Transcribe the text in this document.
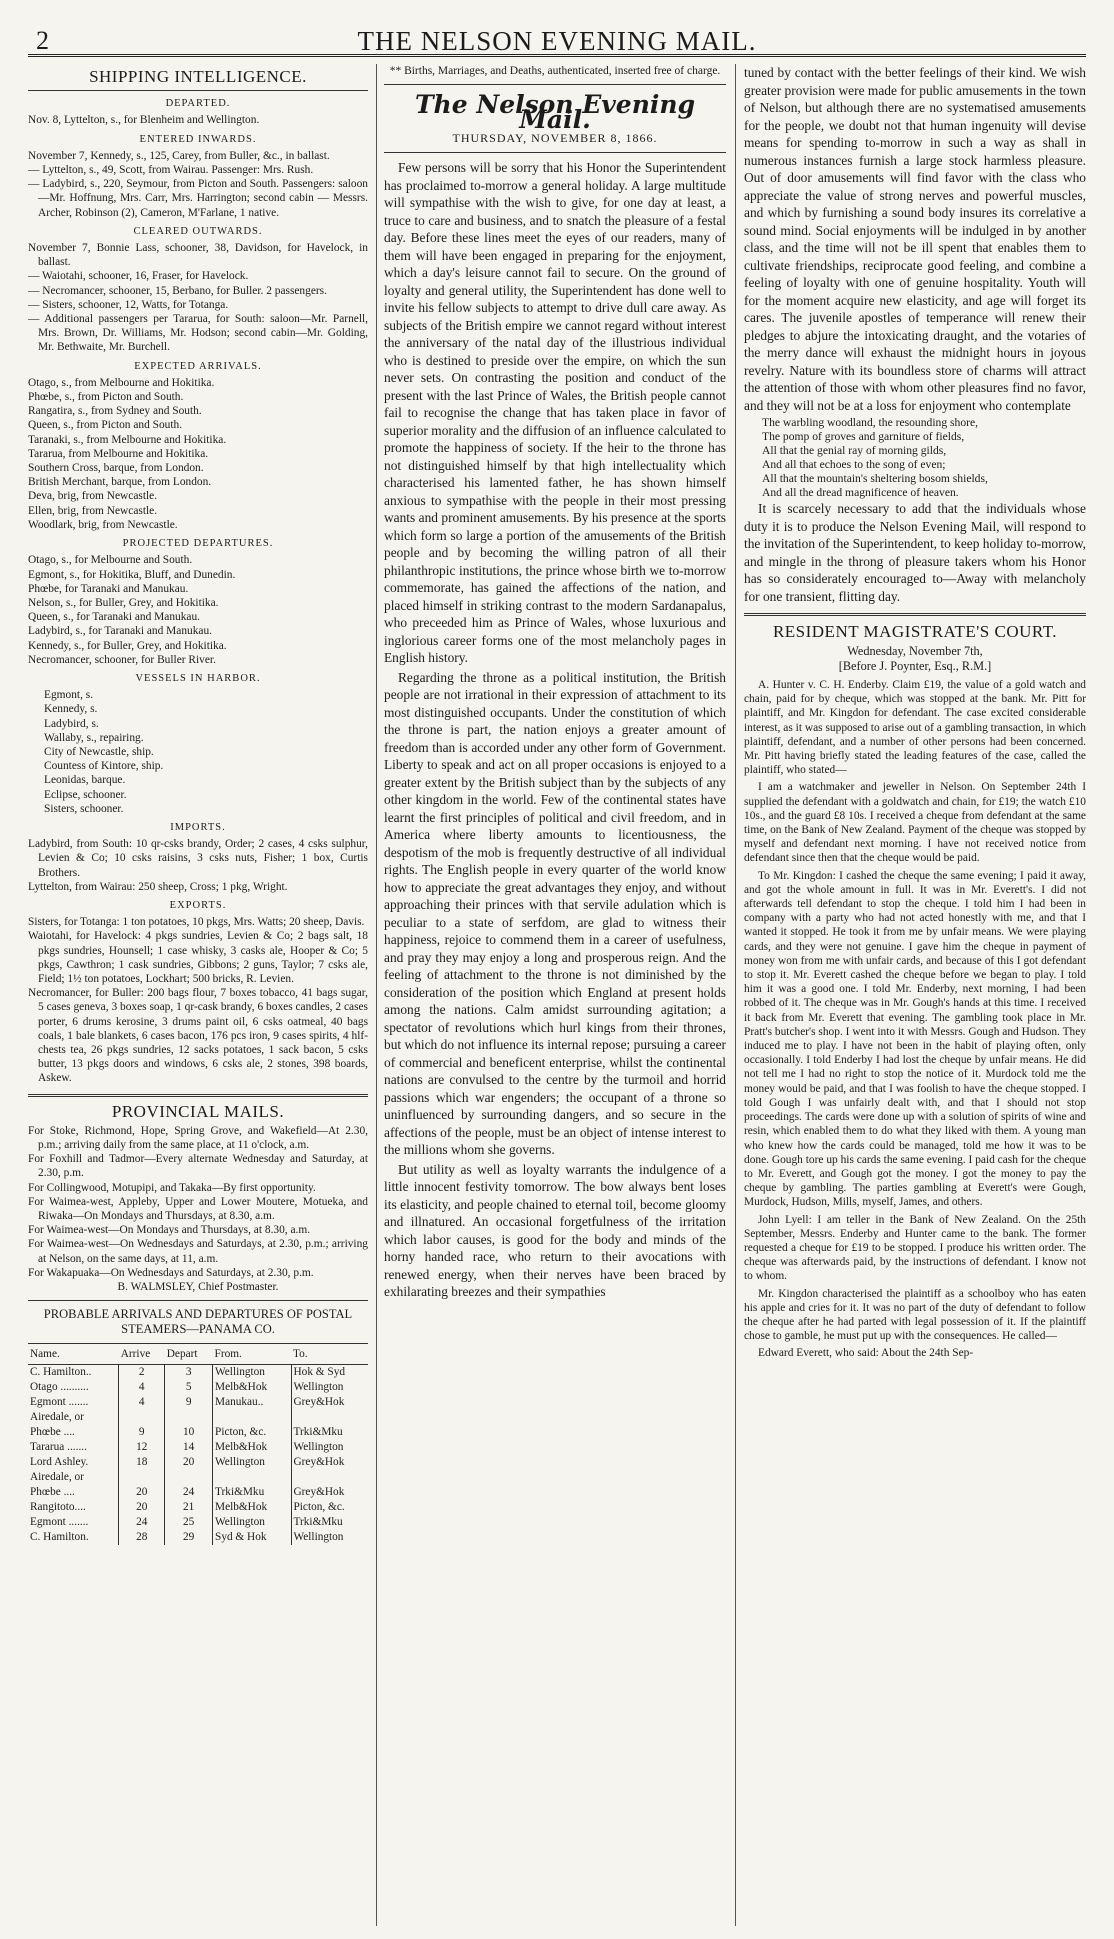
2	THE NELSON EVENING MAIL.
SHIPPING INTELLIGENCE.
DEPARTED.

Nov. 8, Lyttelton, s., for Blenheim and Wellington.

ENTERED INWARDS.

November 7, Kennedy, s., 125, Carey, from Buller, &c., in ballast.

— Lyttelton, s., 49, Scott, from Wairau. Passenger: Mrs. Rush.

— Ladybird, s., 220, Seymour, from Picton and South. Passengers: saloon—Mr. Hoffnung, Mrs. Carr, Mrs. Harrington; second cabin — Messrs. Archer, Robinson (2), Cameron, M'Farlane, 1 native.

CLEARED OUTWARDS.

November 7, Bonnie Lass, schooner, 38, Davidson, for Havelock, in ballast.

— Waiotahi, schooner, 16, Fraser, for Havelock.

— Necromancer, schooner, 15, Berbano, for Buller. 2 passengers.

— Sisters, schooner, 12, Watts, for Totanga.

— Additional passengers per Tararua, for South: saloon—Mr. Parnell, Mrs. Brown, Dr. Williams, Mr. Hodson; second cabin—Mr. Golding, Mr. Bethwaite, Mr. Burchell.

EXPECTED ARRIVALS.

Otago, s., from Melbourne and Hokitika.

Phœbe, s., from Picton and South.

Rangatira, s., from Sydney and South.

Queen, s., from Picton and South.

Taranaki, s., from Melbourne and Hokitika.

Tararua, from Melbourne and Hokitika.

Southern Cross, barque, from London.

British Merchant, barque, from London.

Deva, brig, from Newcastle.

Ellen, brig, from Newcastle.

Woodlark, brig, from Newcastle.

PROJECTED DEPARTURES.

Otago, s., for Melbourne and South.

Egmont, s., for Hokitika, Bluff, and Dunedin.

Phœbe, for Taranaki and Manukau.

Nelson, s., for Buller, Grey, and Hokitika.

Queen, s., for Taranaki and Manukau.

Ladybird, s., for Taranaki and Manukau.

Kennedy, s., for Buller, Grey, and Hokitika.

Necromancer, schooner, for Buller River.

VESSELS IN HARBOR.

Egmont, s.

Kennedy, s.

Ladybird, s.

Wallaby, s., repairing.

City of Newcastle, ship.

Countess of Kintore, ship.

Leonidas, barque.

Eclipse, schooner.

Sisters, schooner.

IMPORTS.

Ladybird, from South: 10 qr-csks brandy, Order; 2 cases, 4 csks sulphur, Levien & Co; 10 csks raisins, 3 csks nuts, Fisher; 1 box, Curtis Brothers.

Lyttelton, from Wairau: 250 sheep, Cross; 1 pkg, Wright.

EXPORTS.

Sisters, for Totanga: 1 ton potatoes, 10 pkgs, Mrs. Watts; 20 sheep, Davis.

Waiotahi, for Havelock: 4 pkgs sundries, Levien & Co; 2 bags salt, 18 pkgs sundries, Hounsell; 1 case whisky, 3 casks ale, Hooper & Co; 5 pkgs, Cawthron; 1 cask sundries, Gibbons; 2 guns, Taylor; 7 csks ale, Field; 1½ ton potatoes, Lockhart; 500 bricks, R. Levien.

Necromancer, for Buller: 200 bags flour, 7 boxes tobacco, 41 bags sugar, 5 cases geneva, 3 boxes soap, 1 qr-cask brandy, 6 boxes candles, 2 cases porter, 6 drums kerosine, 3 drums paint oil, 6 csks oatmeal, 40 bags coals, 1 bale blankets, 6 cases bacon, 176 pcs iron, 9 cases spirits, 4 hlf-chests tea, 26 pkgs sundries, 12 sacks potatoes, 1 sack bacon, 5 csks butter, 13 pkgs doors and windows, 6 csks ale, 2 stones, 398 boards, Askew.

PROVINCIAL MAILS.

For Stoke, Richmond, Hope, Spring Grove, and Wakefield—At 2.30, p.m.; arriving daily from the same place, at 11 o'clock, a.m.

For Foxhill and Tadmor—Every alternate Wednesday and Saturday, at 2.30, p.m.

For Collingwood, Motupipi, and Takaka—By first opportunity.

For Waimea-west, Appleby, Upper and Lower Moutere, Motueka, and Riwaka—On Mondays and Thursdays, at 8.30, a.m.

For Waimea-west—On Mondays and Thursdays, at 8.30, a.m.

For Waimea-west—On Wednesdays and Saturdays, at 2.30, p.m.; arriving at Nelson, on the same days, at 11, a.m.

For Wakapuaka—On Wednesdays and Saturdays, at 2.30, p.m.

B. WALMSLEY, Chief Postmaster.
PROBABLE ARRIVALS AND DEPARTURES OF POSTAL STEAMERS—PANAMA CO.
Name.	Arrive	Depart	From.	To.
C. Hamilton..	2	3	Wellington	Hok & Syd
Otago ..........	4	5	Melb&Hok	Wellington
Egmont .......	4	9	Manukau..	Grey&Hok
Airedale, or				
Phœbe ....	9	10	Picton, &c.	Trki&Mku
Tararua .......	12	14	Melb&Hok	Wellington
Lord Ashley.	18	20	Wellington	Grey&Hok
Airedale, or				
Phœbe ....	20	24	Trki&Mku	Grey&Hok
Rangitoto....	20	21	Melb&Hok	Picton, &c.
Egmont .......	24	25	Wellington	Trki&Mku
C. Hamilton.	28	29	Syd & Hok	Wellington
** Births, Marriages, and Deaths, authenticated, inserted free of charge.
The Nelson Evening Mail.
THURSDAY, NOVEMBER 8, 1866.

Few persons will be sorry that his Honor the Superintendent has proclaimed to-morrow a general holiday. A large multitude will sympathise with the wish to give, for one day at least, a truce to care and business, and to snatch the pleasure of a festal day. Before these lines meet the eyes of our readers, many of them will have been engaged in preparing for the enjoyment, which a day's leisure cannot fail to secure. On the ground of loyalty and general utility, the Superintendent has done well to invite his fellow subjects to attempt to drive dull care away. As subjects of the British empire we cannot regard without interest the anniversary of the natal day of the illustrious individual who is destined to preside over the empire, on which the sun never sets. On contrasting the position and conduct of the present with the last Prince of Wales, the British people cannot fail to recognise the change that has taken place in favor of superior morality and the diffusion of an influence calculated to promote the happiness of society. If the heir to the throne has not distinguished himself by that high intellectuality which characterised his lamented father, he has shown himself anxious to sympathise with the people in their most pressing wants and prominent amusements. By his presence at the sports which form so large a portion of the amusements of the British people and by becoming the willing patron of all their philanthropic institutions, the prince whose birth we to-morrow commemorate, has gained the affections of the nation, and placed himself in striking contrast to the modern Sardanapalus, who preceeded him as Prince of Wales, whose luxurious and inglorious career forms one of the most melancholy pages in English history.

Regarding the throne as a political institution, the British people are not irrational in their expression of attachment to its most distinguished occupants. Under the constitution of which the throne is part, the nation enjoys a greater amount of freedom than is accorded under any other form of Government. Liberty to speak and act on all proper occasions is enjoyed to a greater extent by the British subject than by the subjects of any other kingdom in the world. Few of the continental states have learnt the first principles of political and civil freedom, and in America where liberty amounts to licentiousness, the despotism of the mob is frequently destructive of all individual rights. The English people in every quarter of the world know how to appreciate the great advantages they enjoy, and without approaching their princes with that servile adulation which is peculiar to a state of serfdom, are glad to witness their happiness, rejoice to commend them in a career of usefulness, and pray they may enjoy a long and prosperous reign. And the feeling of attachment to the throne is not diminished by the consideration of the position which England at present holds among the nations. Calm amidst surrounding agitation; a spectator of revolutions which hurl kings from their thrones, but which do not influence its internal repose; pursuing a career of commercial and beneficent enterprise, whilst the continental nations are convulsed to the centre by the turmoil and horrid passions which war engenders; the occupant of a throne so uninfluenced by surrounding dangers, and so secure in the affections of the people, must be an object of intense interest to the millions whom she governs.

But utility as well as loyalty warrants the indulgence of a little innocent festivity tomorrow. The bow always bent loses its elasticity, and people chained to eternal toil, become gloomy and illnatured. An occasional forgetfulness of the irritation which labor causes, is good for the body and minds of the horny handed race, who return to their avocations with renewed energy, when their nerves have been braced by exhilarating breezes and their sympathies

tuned by contact with the better feelings of their kind. We wish greater provision were made for public amusements in the town of Nelson, but although there are no systematised amusements for the people, we doubt not that human ingenuity will devise means for spending to-morrow in such a way as shall in numerous instances furnish a large stock harmless pleasure. Out of door amusements will find favor with the class who appreciate the value of strong nerves and powerful muscles, and which by furnishing a sound body insures its correlative a sound mind. Social enjoyments will be indulged in by another class, and the time will not be ill spent that enables them to cultivate friendships, reciprocate good feeling, and combine a feeling of loyalty with one of genuine hospitality. Youth will for the moment acquire new elasticity, and age will forget its cares. The juvenile apostles of temperance will renew their pledges to abjure the intoxicating draught, and the votaries of the merry dance will exhaust the midnight hours in joyous revelry. Nature with its boundless store of charms will attract the attention of those with whom other pleasures find no favor, and they will not be at a loss for enjoyment who contemplate

The warbling woodland, the resounding shore,
The pomp of groves and garniture of fields,
All that the genial ray of morning gilds,
And all that echoes to the song of even;
All that the mountain's sheltering bosom shields,
And all the dread magnificence of heaven.

It is scarcely necessary to add that the individuals whose duty it is to produce the Nelson Evening Mail, will respond to the invitation of the Superintendent, to keep holiday to-morrow, and mingle in the throng of pleasure takers whom his Honor has so considerately encouraged to—Away with melancholy for one transient, flitting day.

RESIDENT MAGISTRATE'S COURT.
Wednesday, November 7th,
[Before J. Poynter, Esq., R.M.]

A. Hunter v. C. H. Enderby. Claim £19, the value of a gold watch and chain, paid for by cheque, which was stopped at the bank. Mr. Pitt for plaintiff, and Mr. Kingdon for defendant. The case excited considerable interest, as it was supposed to arise out of a gambling transaction, in which plaintiff, defendant, and a number of other persons had been concerned. Mr. Pitt having briefly stated the leading features of the case, called the plaintiff, who stated—

I am a watchmaker and jeweller in Nelson. On September 24th I supplied the defendant with a goldwatch and chain, for £19; the watch £10 10s., and the guard £8 10s. I received a cheque from defendant at the same time, on the Bank of New Zealand. Payment of the cheque was stopped by myself and defendant next morning. I have not received notice from defendant since then that the cheque would be paid.

To Mr. Kingdon: I cashed the cheque the same evening; I paid it away, and got the whole amount in full. It was in Mr. Everett's. I did not afterwards tell defendant to stop the cheque. I told him I had been in company with a party who had not acted honestly with me, and that I wanted it stopped. He took it from me by unfair means. We were playing cards, and they were not genuine. I gave him the cheque in payment of money won from me with unfair cards, and because of this I got defendant to stop it. Mr. Everett cashed the cheque before we began to play. I told him it was a good one. I told Mr. Enderby, next morning, I had been robbed of it. The cheque was in Mr. Gough's hands at this time. I received it back from Mr. Everett that evening. The gambling took place in Mr. Pratt's butcher's shop. I went into it with Messrs. Gough and Hudson. They induced me to play. I have not been in the habit of playing often, only occasionally. I told Enderby I had lost the cheque by unfair means. He did not tell me I had no right to stop the notice of it. Murdock told me the money would be paid, and that I was foolish to have the cheque stopped. I told Gough I was unfairly dealt with, and that I should not stop proceedings. The cards were done up with a solution of spirits of wine and resin, which enabled them to do what they liked with them. A young man who knew how the cards could be managed, told me how it was to be done. Gough tore up his cards the same evening. I paid cash for the cheque to Mr. Everett, and Gough got the money. I got the money to pay the cheque by gambling. The parties gambling at Everett's were Gough, Murdock, Hudson, Mills, myself, James, and others.

John Lyell: I am teller in the Bank of New Zealand. On the 25th September, Messrs. Enderby and Hunter came to the bank. The former requested a cheque for £19 to be stopped. I produce his written order. The cheque was afterwards paid, by the instructions of defendant. I know not to whom.

Mr. Kingdon characterised the plaintiff as a schoolboy who has eaten his apple and cries for it. It was no part of the duty of defendant to follow the cheque after he had parted with legal possession of it. If the plaintiff chose to gamble, he must put up with the consequences. He called—

Edward Everett, who said: About the 24th Sep-
